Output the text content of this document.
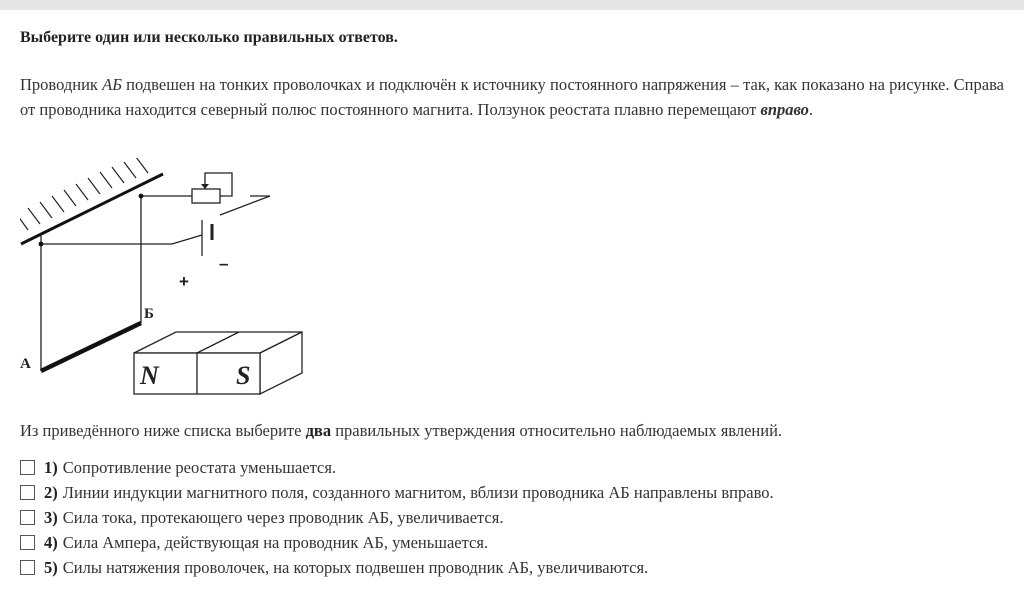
Выберите один или несколько правильных ответов.

Проводник АБ подвешен на тонких проволочках и подключён к источнику постоянного напряжения – так, как показано на рисунке. Справа от проводника находится северный полюс постоянного магнита. Ползунок реостата плавно перемещают вправо.

+
–
А
Б
N	S
Из приведённого ниже списка выберите два правильных утверждения относительно наблюдаемых явлений.
1) Сопротивление реостата уменьшается.
2) Линии индукции магнитного поля, созданного магнитом, вблизи проводника АБ направлены вправо.
3) Сила тока, протекающего через проводник АБ, увеличивается.
4) Сила Ампера, действующая на проводник АБ, уменьшается.
5) Силы натяжения проволочек, на которых подвешен проводник АБ, увеличиваются.
